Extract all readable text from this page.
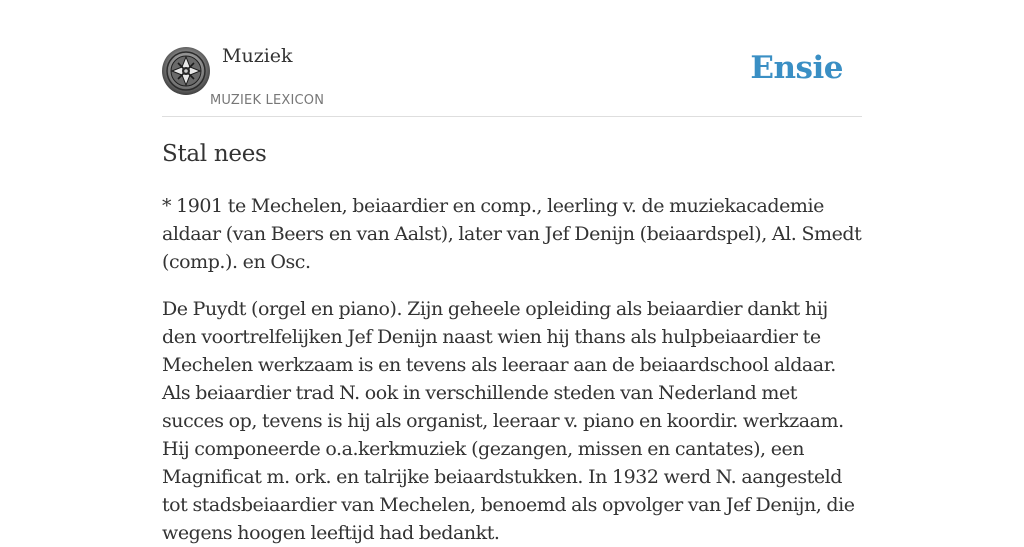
Muziek
MUZIEK LEXICON
Ensie
Stal nees

* 1901 te Mechelen, beiaardier en comp., leerling v. de muziekacademie aldaar (van Beers en van Aalst), later van Jef Denijn (beiaardspel), Al. Smedt (comp.). en Osc.

De Puydt (orgel en piano). Zijn geheele opleiding als beiaardier dankt hij den voortrelfelijken Jef Denijn naast wien hij thans als hulpbeiaardier te Mechelen werkzaam is en tevens als leeraar aan de beiaardschool aldaar. Als beiaardier trad N. ook in verschillende steden van Nederland met succes op, tevens is hij als organist, leeraar v. piano en koordir. werkzaam. Hij componeerde o.a.kerkmuziek (gezangen, missen en cantates), een Magnificat m. ork. en talrijke beiaardstukken. In 1932 werd N. aangesteld tot stadsbeiaardier van Mechelen, benoemd als opvolger van Jef Denijn, die wegens hoogen leeftijd had bedankt.
